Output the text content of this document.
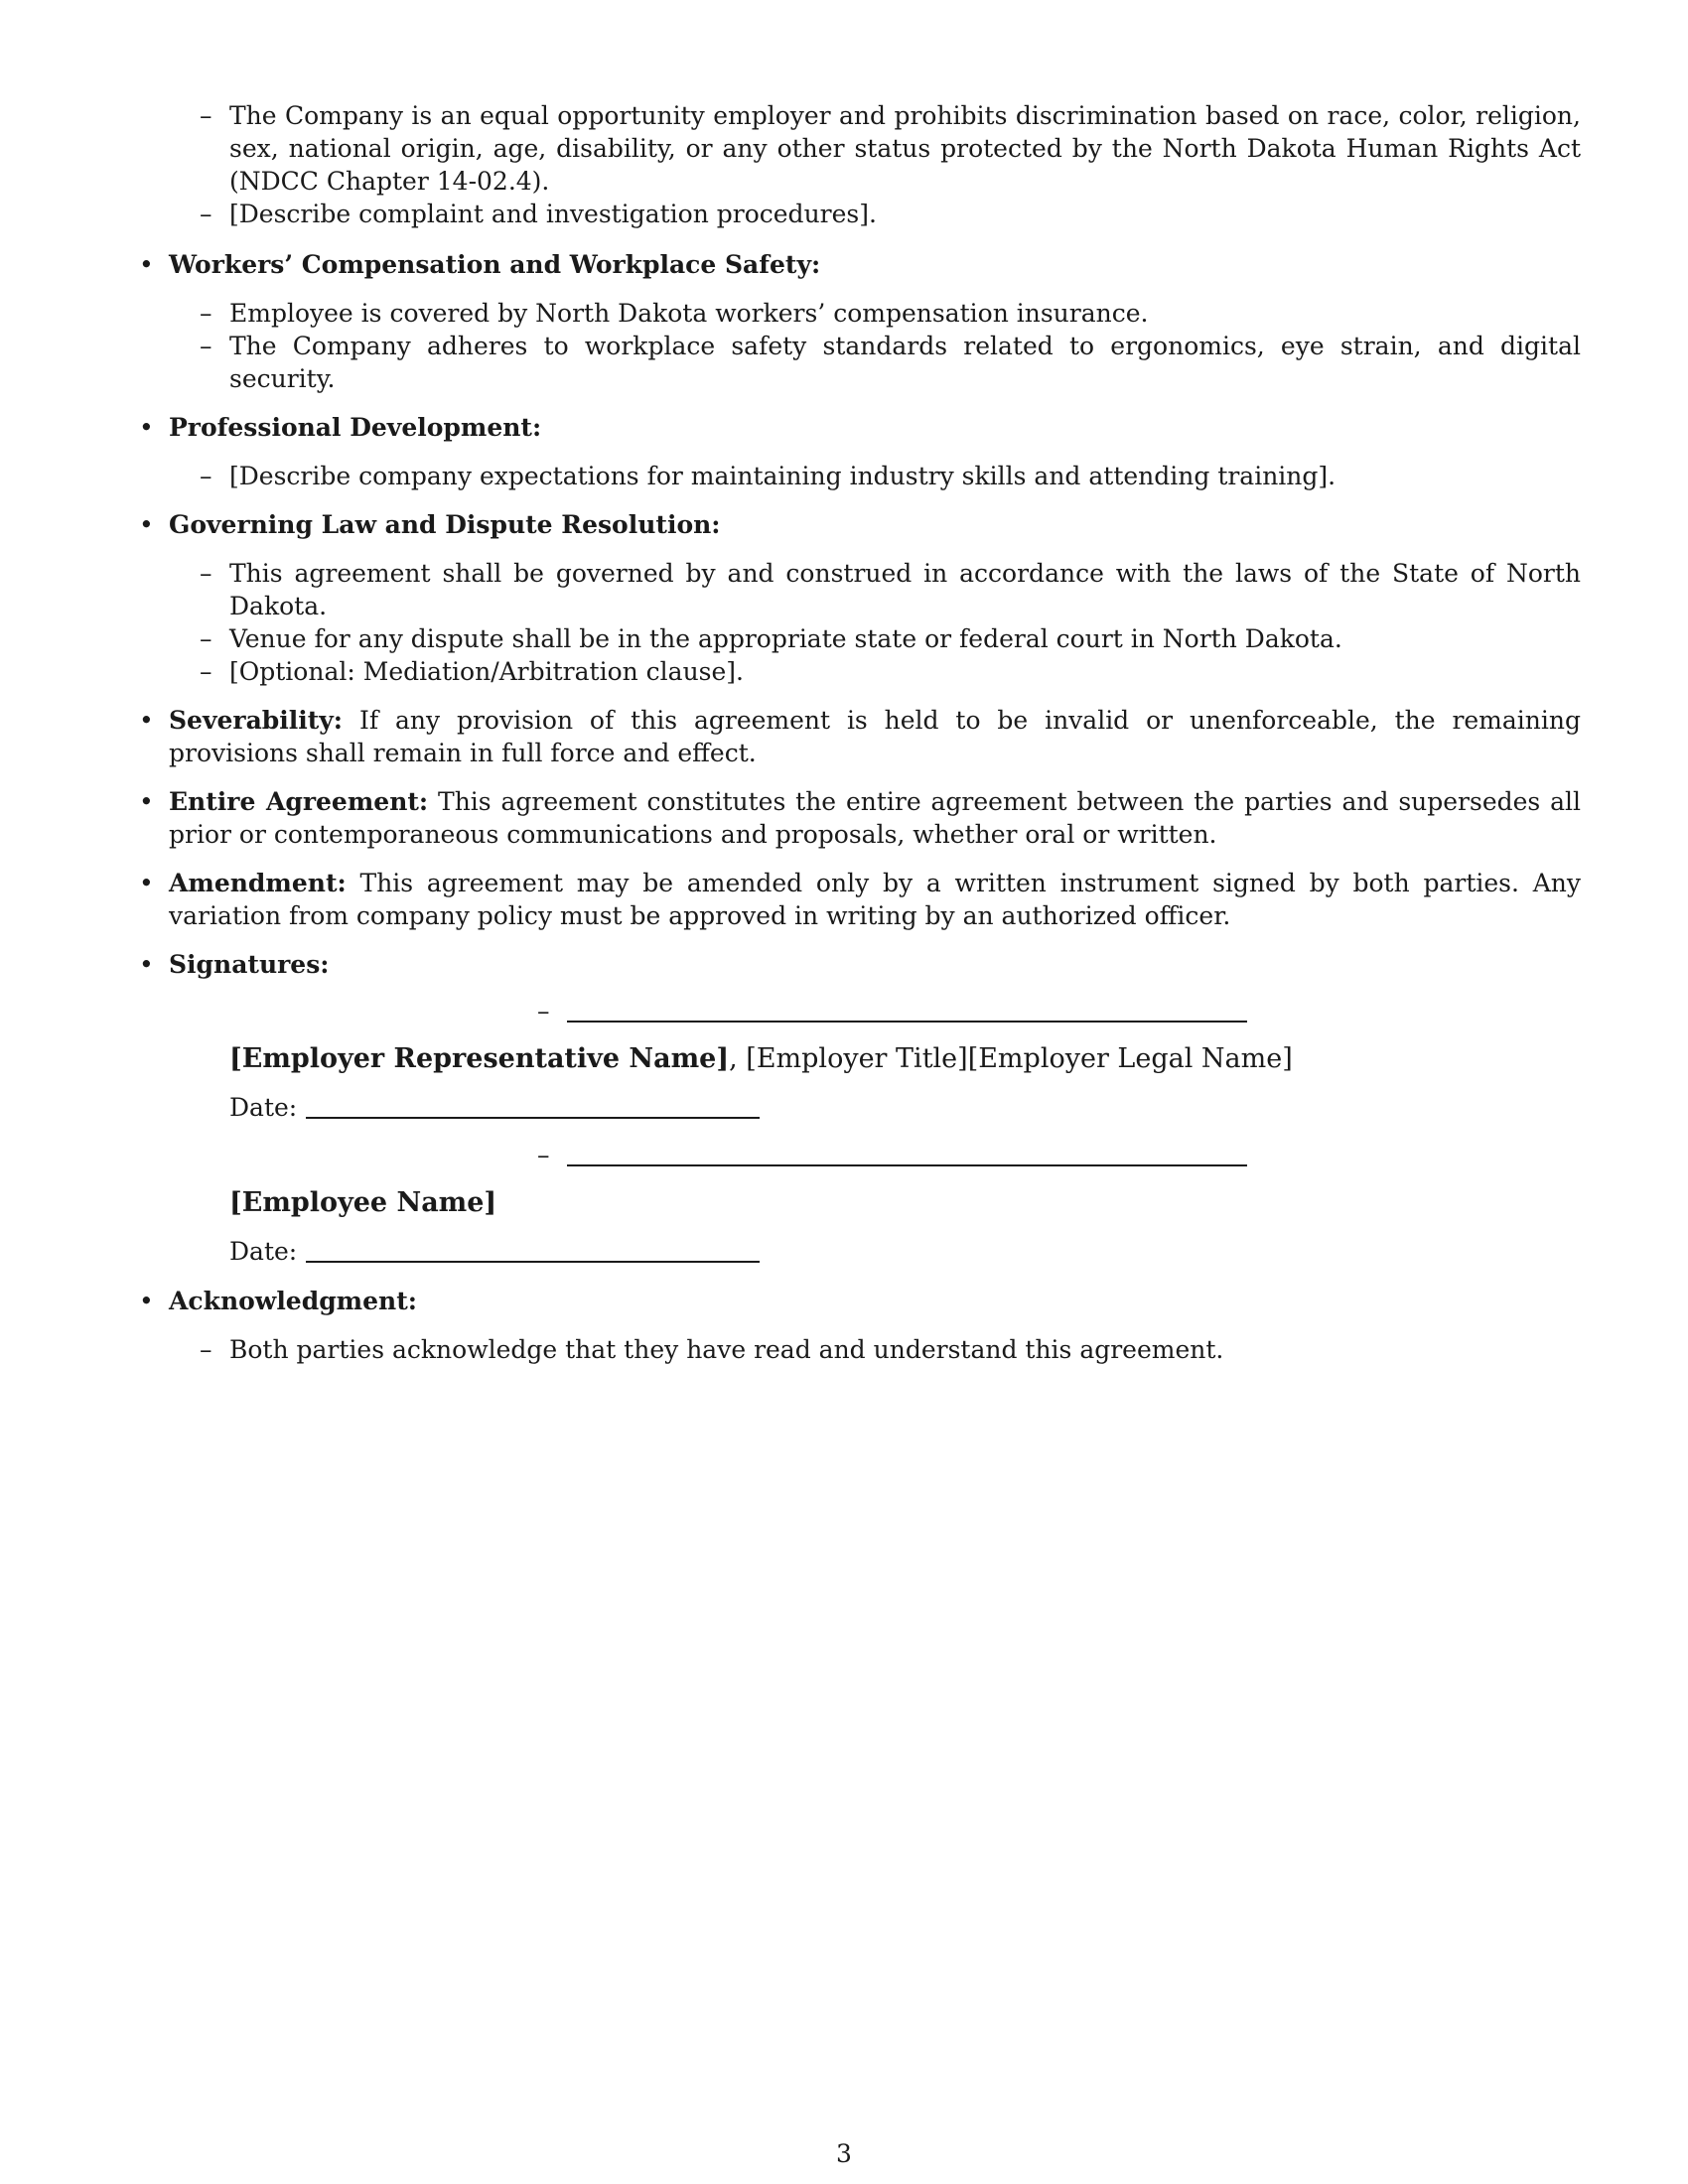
– The Company is an equal opportunity employer and prohibits discrimination based on race, color, religion, sex, national origin, age, disability, or any other status protected by the North Dakota Human Rights Act (NDCC Chapter 14-02.4).
– [Describe complaint and investigation procedures].
• Workers’ Compensation and Workplace Safety:
– Employee is covered by North Dakota workers’ compensation insurance.
– The Company adheres to workplace safety standards related to ergonomics, eye strain, and digital security.
• Professional Development:
– [Describe company expectations for maintaining industry skills and attending training].
• Governing Law and Dispute Resolution:
– This agreement shall be governed by and construed in accordance with the laws of the State of North Dakota.
– Venue for any dispute shall be in the appropriate state or federal court in North Dakota.
– [Optional: Mediation/Arbitration clause].
• Severability: If any provision of this agreement is held to be invalid or unenforceable, the remaining provisions shall remain in full force and effect.
• Entire Agreement: This agreement constitutes the entire agreement between the parties and supersedes all prior or contemporaneous communications and proposals, whether oral or written.
• Amendment: This agreement may be amended only by a written instrument signed by both parties. Any variation from company policy must be approved in writing by an authorized officer.
• Signatures:
–
[Employer Representative Name], [Employer Title][Employer Legal Name]
Date:
–
[Employee Name]
Date:
• Acknowledgment:
– Both parties acknowledge that they have read and understand this agreement.
3
